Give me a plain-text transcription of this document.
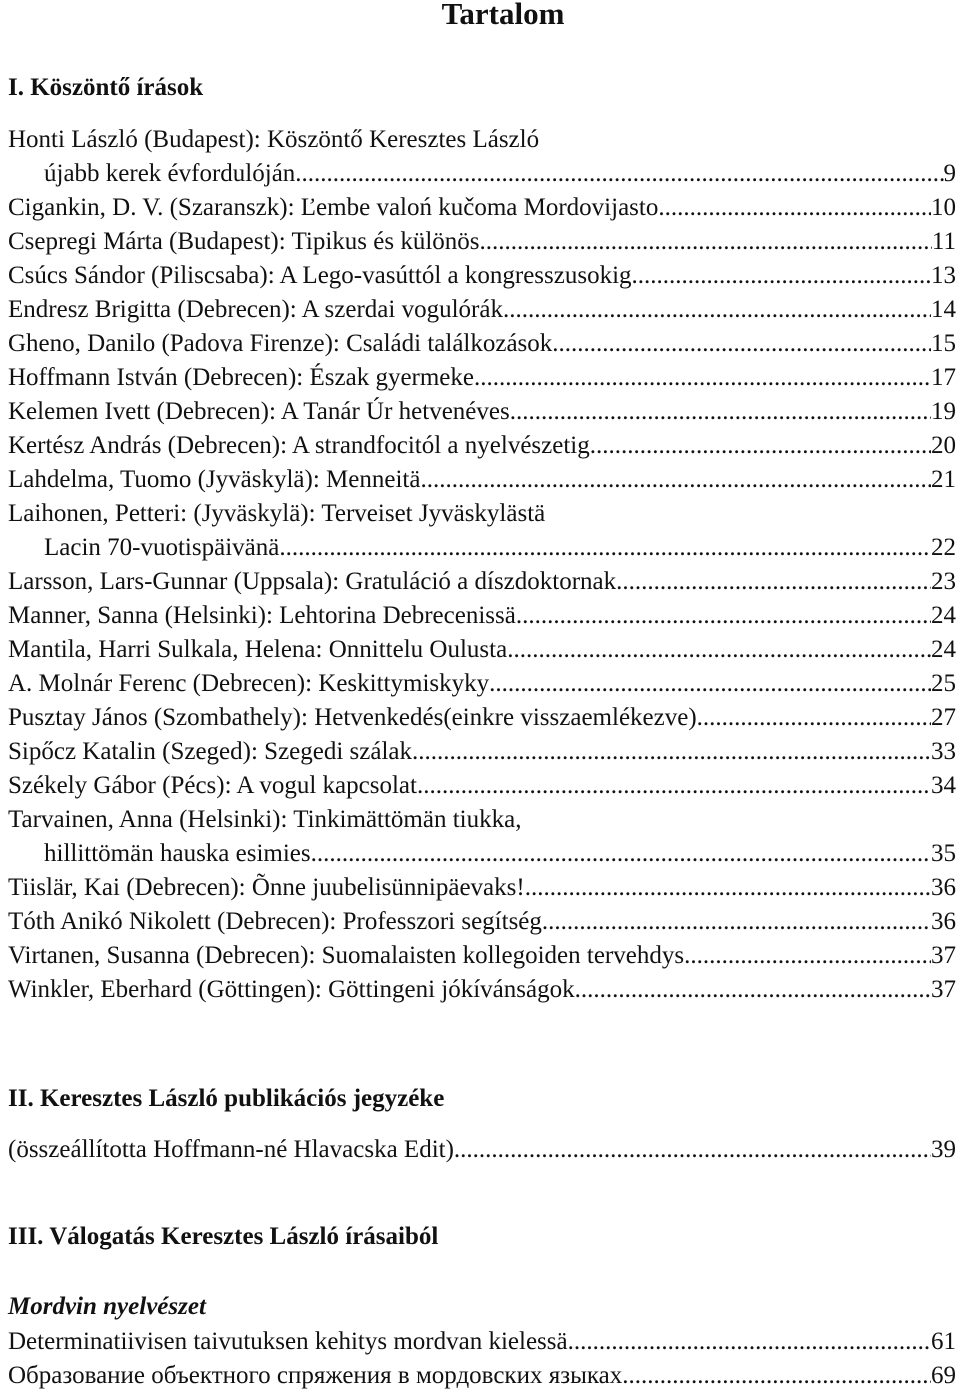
Tartalom
I. Köszöntő írások
Honti László (Budapest): Köszöntő Keresztes László
újabb kerek évfordulóján .....	9
Cigankin, D. V. (Szaranszk): Ľembe valoń kučoma Mordovijasto .....	10
Csepregi Márta (Budapest): Tipikus és különös .....	11
Csúcs Sándor (Piliscsaba): A Lego-vasúttól a kongresszusokig .....	13
Endresz Brigitta (Debrecen): A szerdai vogulórák .....	14
Gheno, Danilo (Padova Firenze): Családi találkozások .....	15
Hoffmann István (Debrecen): Észak gyermeke .....	17
Kelemen Ivett (Debrecen): A Tanár Úr hetvenéves .....	19
Kertész András (Debrecen): A strandfocitól a nyelvészetig .....	20
Lahdelma, Tuomo (Jyväskylä): Menneitä .....	21
Laihonen, Petteri: (Jyväskylä): Terveiset Jyväskylästä
Lacin 70-vuotispäivänä .....	22
Larsson, Lars-Gunnar (Uppsala): Gratuláció a díszdoktornak .....	23
Manner, Sanna (Helsinki): Lehtorina Debrecenissä .....	24
Mantila, Harri Sulkala, Helena: Onnittelu Oulusta .....	24
A. Molnár Ferenc (Debrecen): Keskittymiskyky .....	25
Pusztay János (Szombathely): Hetvenkedés(einkre visszaemlékezve) .....	27
Sipőcz Katalin (Szeged): Szegedi szálak .....	33
Székely Gábor (Pécs): A vogul kapcsolat .....	34
Tarvainen, Anna (Helsinki): Tinkimättömän tiukka,
hillittömän hauska esimies .....	35
Tiislär, Kai (Debrecen): Õnne juubelisünnipäevaks! .....	36
Tóth Anikó Nikolett (Debrecen): Professzori segítség .....	36
Virtanen, Susanna (Debrecen): Suomalaisten kollegoiden tervehdys .....	37
Winkler, Eberhard (Göttingen): Göttingeni jókívánságok .....	37
II. Keresztes László publikációs jegyzéke
(összeállította Hoffmann-né Hlavacska Edit) .....	39
III. Válogatás Keresztes László írásaiból
Mordvin nyelvészet
Determinatiivisen taivutuksen kehitys mordvan kielessä .....	61
Образование объектного спряжения в мордовских языках .....	69
